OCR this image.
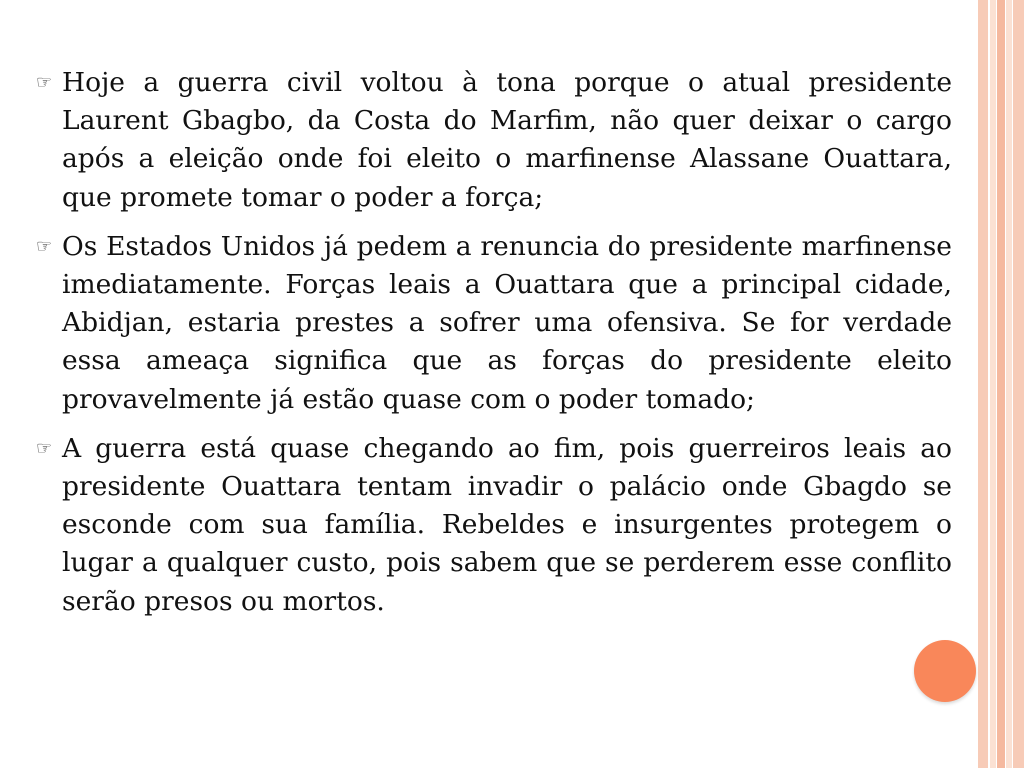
☞ Hoje a guerra civil voltou à tona porque o atual presidente Laurent Gbagbo, da Costa do Marfim, não quer deixar o cargo após a eleição onde foi eleito o marfinense Alassane Ouattara, que promete tomar o poder a força;
☞ Os Estados Unidos já pedem a renuncia do presidente marfinense imediatamente. Forças leais a Ouattara que a principal cidade, Abidjan, estaria prestes a sofrer uma ofensiva. Se for verdade essa ameaça significa que as forças do presidente eleito provavelmente já estão quase com o poder tomado;
☞ A guerra está quase chegando ao fim, pois guerreiros leais ao presidente Ouattara tentam invadir o palácio onde Gbagdo se esconde com sua família. Rebeldes e insurgentes protegem o lugar a qualquer custo, pois sabem que se perderem esse conflito serão presos ou mortos.
